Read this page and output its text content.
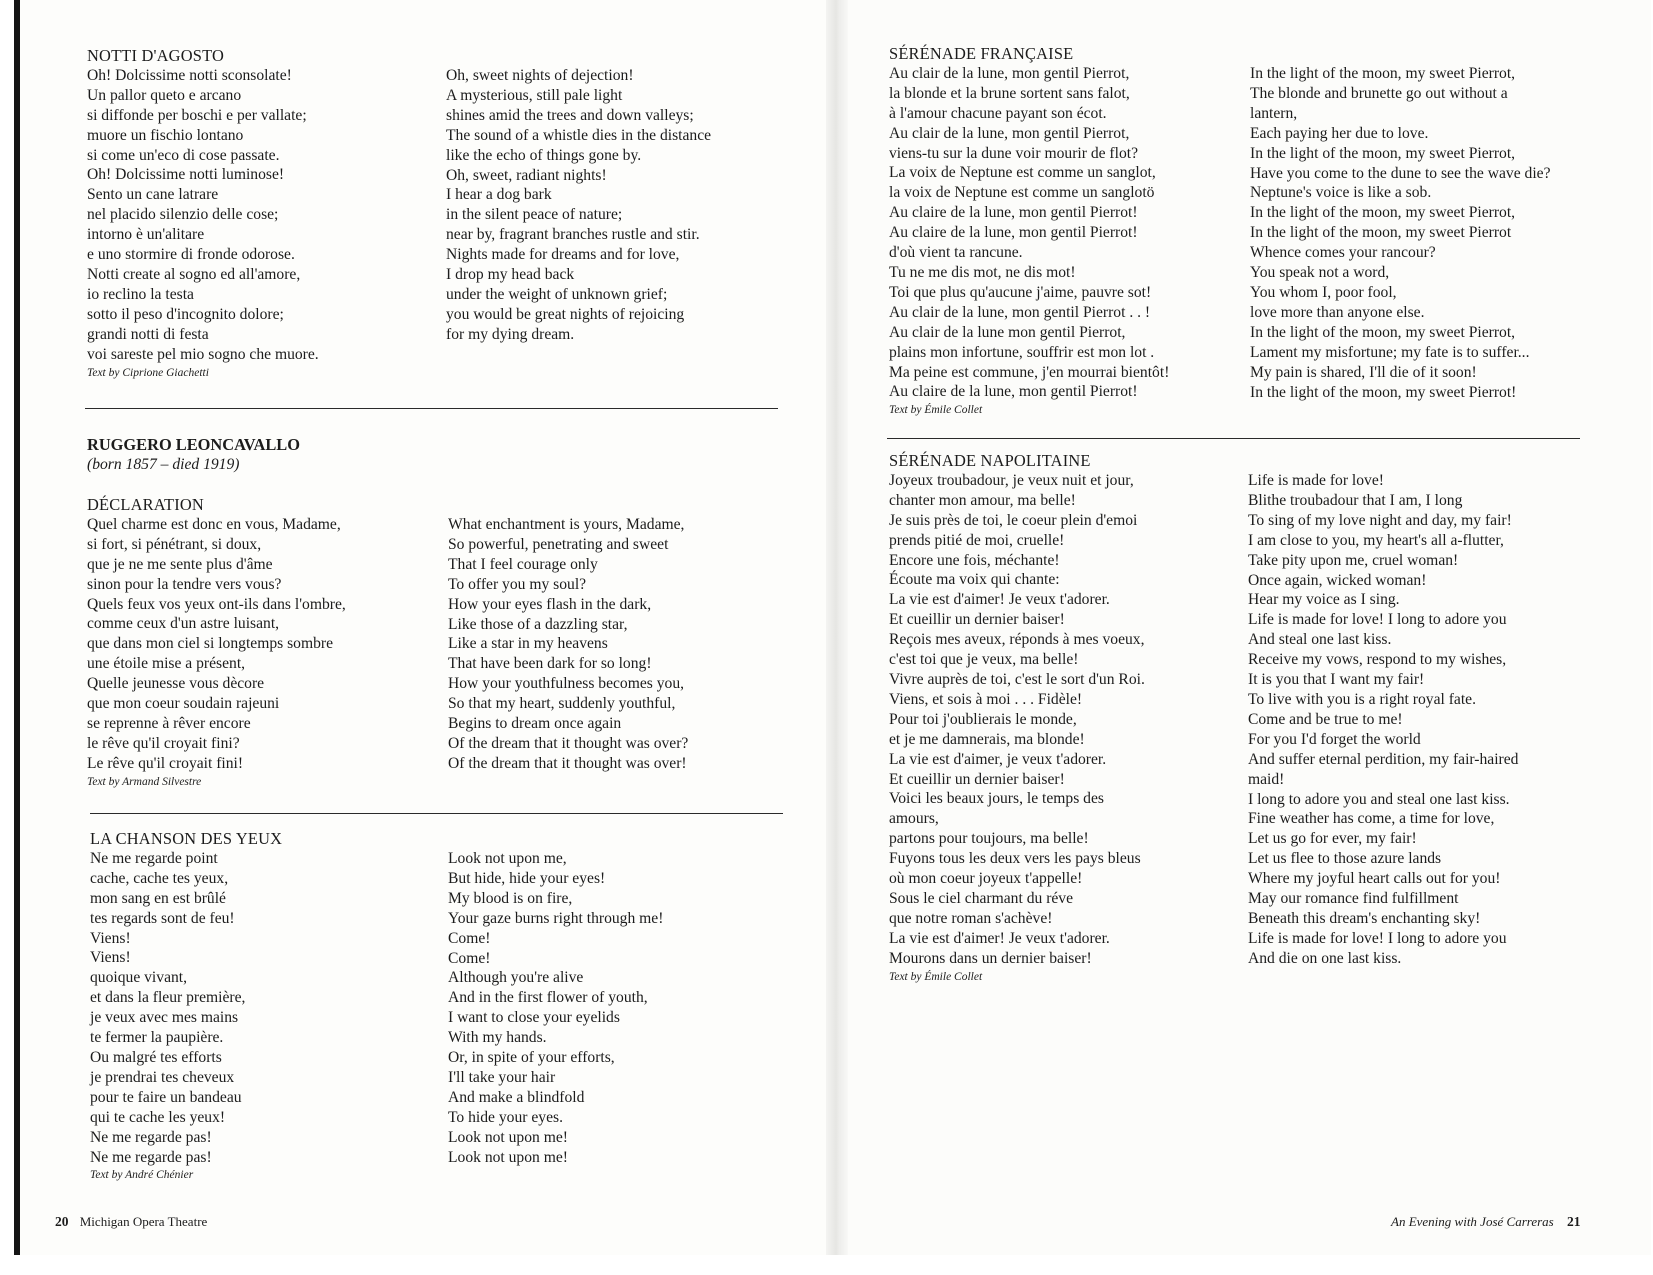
NOTTI D'AGOSTO
Oh! Dolcissime notti sconsolate!
Un pallor queto e arcano
si diffonde per boschi e per vallate;
muore un fischio lontano
si come un'eco di cose passate.
Oh! Dolcissime notti luminose!
Sento un cane latrare
nel placido silenzio delle cose;
intorno è un'alitare
e uno stormire di fronde odorose.
Notti create al sogno ed all'amore,
io reclino la testa
sotto il peso d'incognito dolore;
grandi notti di festa
voi sareste pel mio sogno che muore.
Text by Ciprione Giachetti
Oh, sweet nights of dejection!
A mysterious, still pale light
shines amid the trees and down valleys;
The sound of a whistle dies in the distance
like the echo of things gone by.
Oh, sweet, radiant nights!
I hear a dog bark
in the silent peace of nature;
near by, fragrant branches rustle and stir.
Nights made for dreams and for love,
I drop my head back
under the weight of unknown grief;
you would be great nights of rejoicing
for my dying dream.
RUGGERO LEONCAVALLO
(born 1857 – died 1919)
DÉCLARATION
Quel charme est donc en vous, Madame,
si fort, si pénétrant, si doux,
que je ne me sente plus d'âme
sinon pour la tendre vers vous?
Quels feux vos yeux ont-ils dans l'ombre,
comme ceux d'un astre luisant,
que dans mon ciel si longtemps sombre
une étoile mise a présent,
Quelle jeunesse vous dècore
que mon coeur soudain rajeuni
se reprenne à rêver encore
le rêve qu'il croyait fini?
Le rêve qu'il croyait fini!
Text by Armand Silvestre
What enchantment is yours, Madame,
So powerful, penetrating and sweet
That I feel courage only
To offer you my soul?
How your eyes flash in the dark,
Like those of a dazzling star,
Like a star in my heavens
That have been dark for so long!
How your youthfulness becomes you,
So that my heart, suddenly youthful,
Begins to dream once again
Of the dream that it thought was over?
Of the dream that it thought was over!
LA CHANSON DES YEUX
Ne me regarde point
cache, cache tes yeux,
mon sang en est brûlé
tes regards sont de feu!
Viens!
Viens!
quoique vivant,
et dans la fleur première,
je veux avec mes mains
te fermer la paupière.
Ou malgré tes efforts
je prendrai tes cheveux
pour te faire un bandeau
qui te cache les yeux!
Ne me regarde pas!
Ne me regarde pas!
Text by André Chénier
Look not upon me,
But hide, hide your eyes!
My blood is on fire,
Your gaze burns right through me!
Come!
Come!
Although you're alive
And in the first flower of youth,
I want to close your eyelids
With my hands.
Or, in spite of your efforts,
I'll take your hair
And make a blindfold
To hide your eyes.
Look not upon me!
Look not upon me!
20 Michigan Opera Theatre
SÉRÉNADE FRANÇAISE
Au clair de la lune, mon gentil Pierrot,
la blonde et la brune sortent sans falot,
à l'amour chacune payant son écot.
Au clair de la lune, mon gentil Pierrot,
viens-tu sur la dune voir mourir de flot?
La voix de Neptune est comme un sanglot,
la voix de Neptune est comme un sanglotö
Au claire de la lune, mon gentil Pierrot!
Au claire de la lune, mon gentil Pierrot!
d'où vient ta rancune.
Tu ne me dis mot, ne dis mot!
Toi que plus qu'aucune j'aime, pauvre sot!
Au clair de la lune, mon gentil Pierrot . . !
Au clair de la lune mon gentil Pierrot,
plains mon infortune, souffrir est mon lot .
Ma peine est commune, j'en mourrai bientôt!
Au claire de la lune, mon gentil Pierrot!
Text by Émile Collet
In the light of the moon, my sweet Pierrot,
The blonde and brunette go out without a
lantern,
Each paying her due to love.
In the light of the moon, my sweet Pierrot,
Have you come to the dune to see the wave die?
Neptune's voice is like a sob.
In the light of the moon, my sweet Pierrot,
In the light of the moon, my sweet Pierrot
Whence comes your rancour?
You speak not a word,
You whom I, poor fool,
love more than anyone else.
In the light of the moon, my sweet Pierrot,
Lament my misfortune; my fate is to suffer...
My pain is shared, I'll die of it soon!
In the light of the moon, my sweet Pierrot!
SÉRÉNADE NAPOLITAINE
Joyeux troubadour, je veux nuit et jour,
chanter mon amour, ma belle!
Je suis près de toi, le coeur plein d'emoi
prends pitié de moi, cruelle!
Encore une fois, méchante!
Écoute ma voix qui chante:
La vie est d'aimer! Je veux t'adorer.
Et cueillir un dernier baiser!
Reçois mes aveux, réponds à mes voeux,
c'est toi que je veux, ma belle!
Vivre auprès de toi, c'est le sort d'un Roi.
Viens, et sois à moi . . . Fidèle!
Pour toi j'oublierais le monde,
et je me damnerais, ma blonde!
La vie est d'aimer, je veux t'adorer.
Et cueillir un dernier baiser!
Voici les beaux jours, le temps des
amours,
partons pour toujours, ma belle!
Fuyons tous les deux vers les pays bleus
où mon coeur joyeux t'appelle!
Sous le ciel charmant du réve
que notre roman s'achève!
La vie est d'aimer! Je veux t'adorer.
Mourons dans un dernier baiser!
Text by Émile Collet
Life is made for love!
Blithe troubadour that I am, I long
To sing of my love night and day, my fair!
I am close to you, my heart's all a-flutter,
Take pity upon me, cruel woman!
Once again, wicked woman!
Hear my voice as I sing.
Life is made for love! I long to adore you
And steal one last kiss.
Receive my vows, respond to my wishes,
It is you that I want my fair!
To live with you is a right royal fate.
Come and be true to me!
For you I'd forget the world
And suffer eternal perdition, my fair-haired
maid!
I long to adore you and steal one last kiss.
Fine weather has come, a time for love,
Let us go for ever, my fair!
Let us flee to those azure lands
Where my joyful heart calls out for you!
May our romance find fulfillment
Beneath this dream's enchanting sky!
Life is made for love! I long to adore you
And die on one last kiss.
An Evening with José Carreras 21
